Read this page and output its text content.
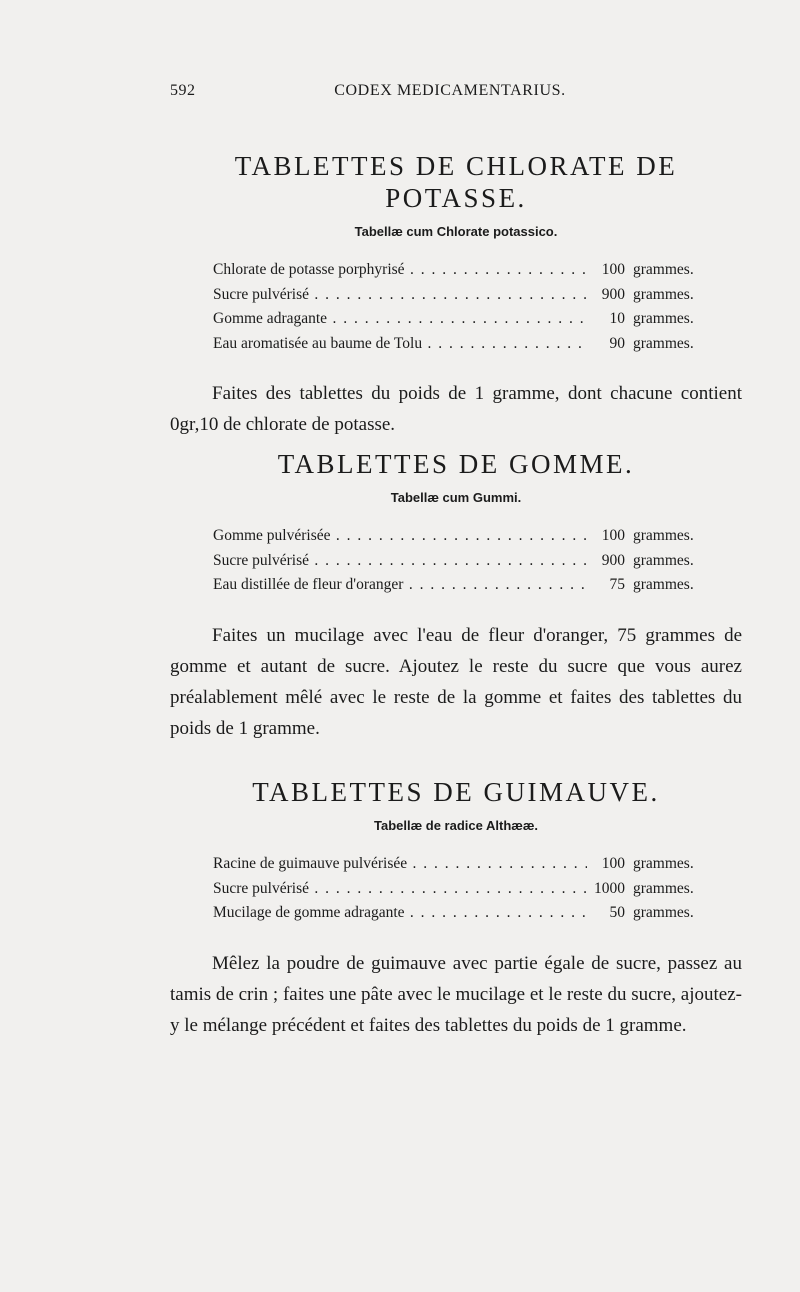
592	CODEX MEDICAMENTARIUS.
TABLETTES DE CHLORATE DE POTASSE.
Tabellæ cum Chlorate potassico.
Chlorate de potasse porphyrisé . . .	100 grammes.
Sucre pulvérisé . . .	900 grammes.
Gomme adragante . . .	10 grammes.
Eau aromatisée au baume de Tolu . . .	90 grammes.

Faites des tablettes du poids de 1 gramme, dont chacune contient 0gr,10 de chlorate de potasse.

TABLETTES DE GOMME.
Tabellæ cum Gummi.
Gomme pulvérisée . . .	100 grammes.
Sucre pulvérisé . . .	900 grammes.
Eau distillée de fleur d'oranger . . .	75 grammes.

Faites un mucilage avec l'eau de fleur d'oranger, 75 grammes de gomme et autant de sucre. Ajoutez le reste du sucre que vous aurez préalablement mêlé avec le reste de la gomme et faites des tablettes du poids de 1 gramme.

TABLETTES DE GUIMAUVE.
Tabellæ de radice Althææ.
Racine de guimauve pulvérisée . . .	100 grammes.
Sucre pulvérisé . . .	1000 grammes.
Mucilage de gomme adragante . . .	50 grammes.

Mêlez la poudre de guimauve avec partie égale de sucre, passez au tamis de crin ; faites une pâte avec le mucilage et le reste du sucre, ajoutez-y le mélange précédent et faites des tablettes du poids de 1 gramme.
